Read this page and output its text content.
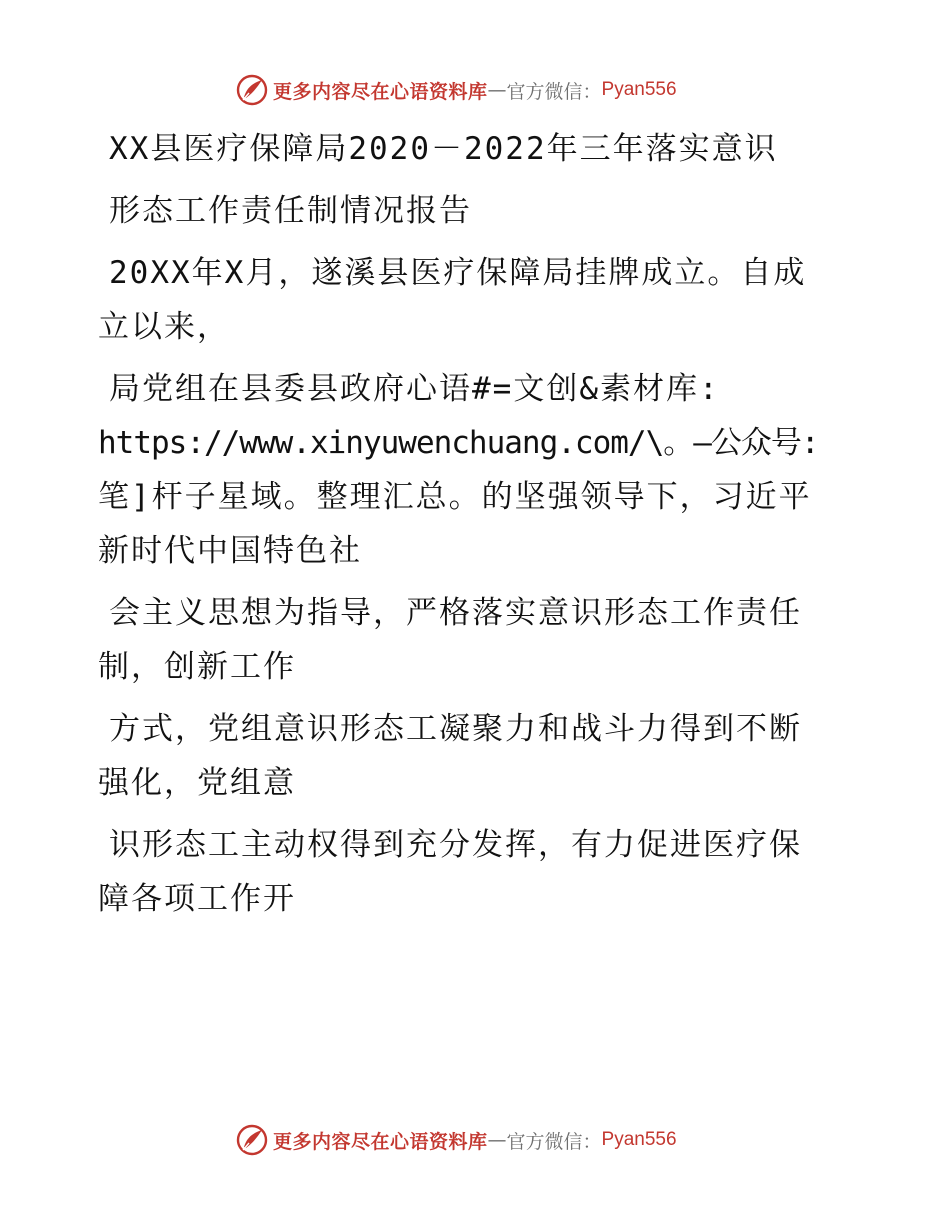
更多内容尽在心语资料库 — 官方微信： Pyan556

XX县医疗保障局2020－2022年三年落实意识

形态工作责任制情况报告

20XX年X月，遂溪县医疗保障局挂牌成立。自成
立以来，

局党组在县委县政府心语#=文创&素材库:
https://www.xinyuwenchuang.com/\。—公众号:
笔]杆子星域。整理汇总。的坚强领导下，习近平
新时代中国特色社

会主义思想为指导，严格落实意识形态工作责任
制，创新工作

方式，党组意识形态工凝聚力和战斗力得到不断
强化，党组意

识形态工主动权得到充分发挥，有力促进医疗保
障各项工作开

更多内容尽在心语资料库 — 官方微信： Pyan556
